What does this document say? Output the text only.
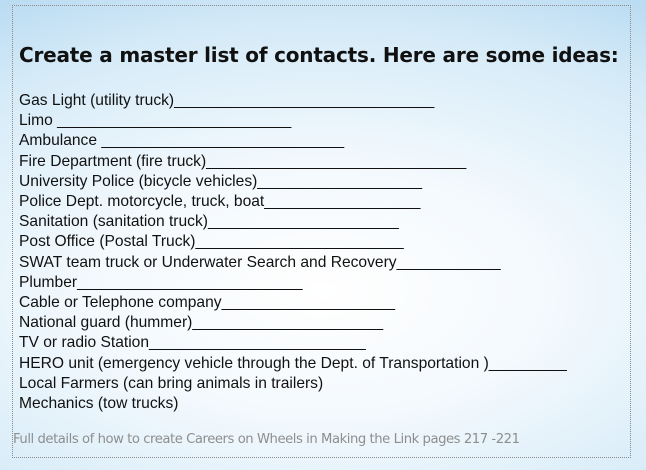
Create a master list of contacts. Here are some ideas:
Gas Light (utility truck)______________________________
Limo ___________________________
Ambulance ____________________________
Fire Department (fire truck)______________________________
University Police (bicycle vehicles)___________________
Police Dept. motorcycle, truck, boat__________________
Sanitation (sanitation truck)______________________
Post Office (Postal Truck)________________________
SWAT team truck or Underwater Search and Recovery____________
Plumber__________________________
Cable or Telephone company____________________
National guard (hummer)______________________
TV or radio Station_________________________
HERO unit (emergency vehicle through the Dept. of Transportation )_________
Local Farmers (can bring animals in trailers)
Mechanics (tow trucks)

Full details of how to create Careers on Wheels in Making the Link pages 217 -221
